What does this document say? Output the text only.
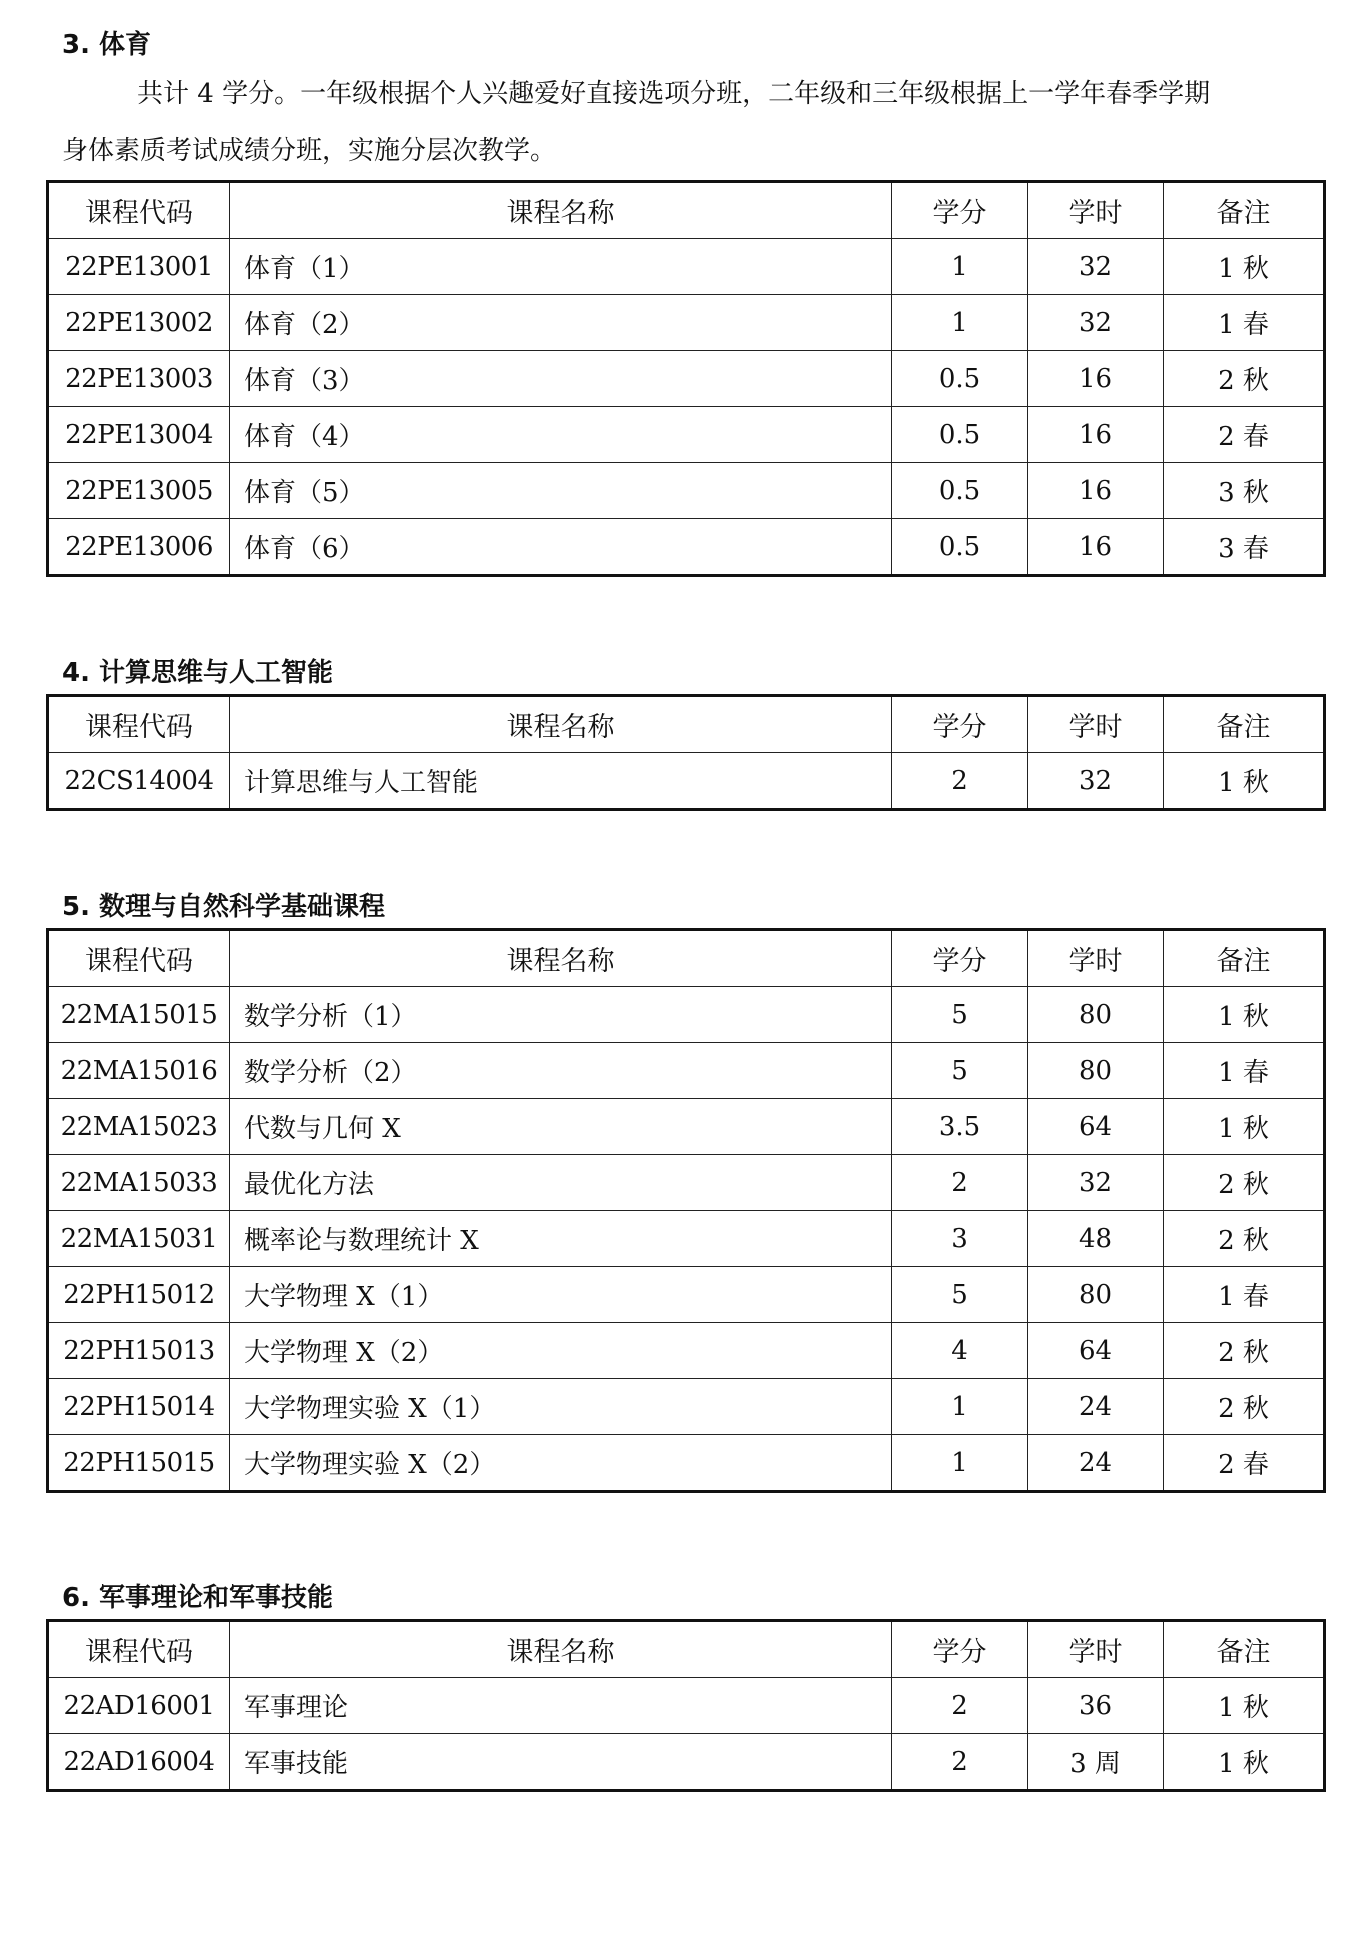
3. 体育
共计 4 学分。一年级根据个人兴趣爱好直接选项分班，二年级和三年级根据上一学年春季学期
身体素质考试成绩分班，实施分层次教学。
课程代码	课程名称	学分	学时	备注
22PE13001	体育（1）	1	32	1 秋
22PE13002	体育（2）	1	32	1 春
22PE13003	体育（3）	0.5	16	2 秋
22PE13004	体育（4）	0.5	16	2 春
22PE13005	体育（5）	0.5	16	3 秋
22PE13006	体育（6）	0.5	16	3 春
4. 计算思维与人工智能
课程代码	课程名称	学分	学时	备注
22CS14004	计算思维与人工智能	2	32	1 秋
5. 数理与自然科学基础课程
课程代码	课程名称	学分	学时	备注
22MA15015	数学分析（1）	5	80	1 秋
22MA15016	数学分析（2）	5	80	1 春
22MA15023	代数与几何 X	3.5	64	1 秋
22MA15033	最优化方法	2	32	2 秋
22MA15031	概率论与数理统计 X	3	48	2 秋
22PH15012	大学物理 X（1）	5	80	1 春
22PH15013	大学物理 X（2）	4	64	2 秋
22PH15014	大学物理实验 X（1）	1	24	2 秋
22PH15015	大学物理实验 X（2）	1	24	2 春
6. 军事理论和军事技能
课程代码	课程名称	学分	学时	备注
22AD16001	军事理论	2	36	1 秋
22AD16004	军事技能	2	3 周	1 秋
